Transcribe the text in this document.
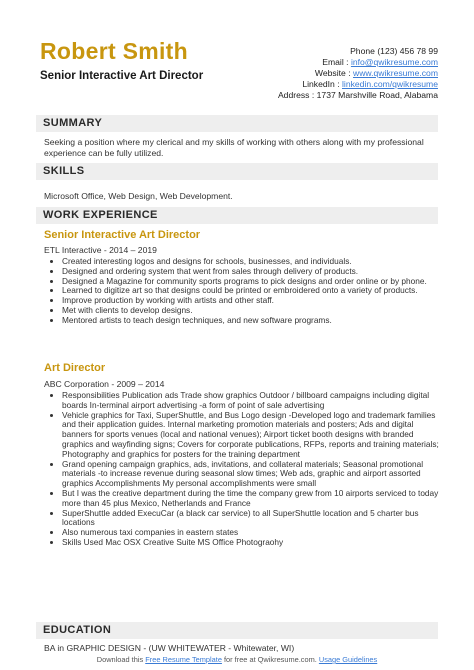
Robert Smith
Senior Interactive Art Director
Phone (123) 456 78 99
Email : info@qwikresume.com
Website : www.qwikresume.com
LinkedIn : linkedin.com/qwikresume
Address : 1737 Marshville Road, Alabama
SUMMARY
Seeking a position where my clerical and my skills of working with others along with my professional experience can be fully utilized.
SKILLS
Microsoft Office, Web Design, Web Development.
WORK EXPERIENCE
Senior Interactive Art Director
ETL Interactive - 2014 – 2019
• Created interesting logos and designs for schools, businesses, and individuals.
• Designed and ordering system that went from sales through delivery of products.
• Designed a Magazine for community sports programs to pick designs and order online or by phone.
• Learned to digitize art so that designs could be printed or embroidered onto a variety of products.
• Improve production by working with artists and other staff.
• Met with clients to develop designs.
• Mentored artists to teach design techniques, and new software programs.
Art Director
ABC Corporation - 2009 – 2014
• Responsibilities Publication ads Trade show graphics Outdoor / billboard campaigns including digital boards In-terminal airport advertising -a form of point of sale advertising
• Vehicle graphics for Taxi, SuperShuttle, and Bus Logo design -Developed logo and trademark families and their application guides. Internal marketing promotion materials and posters; Ads and digital banners for sports venues (local and national venues); Airport ticket booth designs with branded graphics and wayfinding signs; Covers for corporate publications, RFPs, reports and training materials; Photography and graphics for posters for the training department
• Grand opening campaign graphics, ads, invitations, and collateral materials; Seasonal promotional materials -to increase revenue during seasonal slow times; Web ads, graphic and airport assorted graphics Accomplishments My personal accomplishments were small
• But I was the creative department during the time the company grew from 10 airports serviced to today more than 45 plus Mexico, Netherlands and France
• SuperShuttle added ExecuCar (a black car service) to all SuperShuttle location and 5 charter bus locations
• Also numerous taxi companies in eastern states
• Skills Used Mac OSX Creative Suite MS Office Photograohy
EDUCATION
BA in GRAPHIC DESIGN - (UW WHITEWATER - Whitewater, WI)
Download this Free Resume Template for free at Qwikresume.com. Usage Guidelines
